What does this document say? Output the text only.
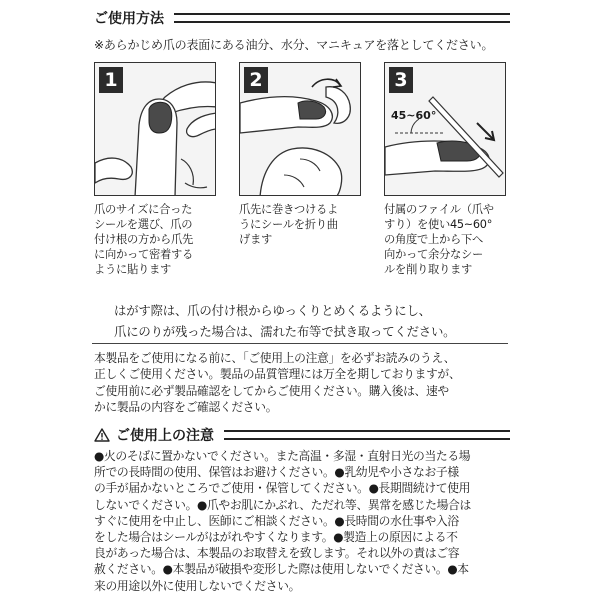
ご使用方法
※あらかじめ爪の表面にある油分、水分、マニキュアを落としてください。
1
爪のサイズに合った
シールを選び、爪の
付け根の方から爪先
に向かって密着する
ように貼ります
2
爪先に巻きつけるよ
うにシールを折り曲
げます
3
45~60°
付属のファイル（爪や
すり）を使い45~60°
の角度で上から下へ
向かって余分なシー
ルを削り取ります
はがす際は、爪の付け根からゆっくりとめくるようにし、
爪にのりが残った場合は、濡れた布等で拭き取ってください。
本製品をご使用になる前に、「ご使用上の注意」を必ずお読みのうえ、
正しくご使用ください。製品の品質管理には万全を期しておりますが、
ご使用前に必ず製品確認をしてからご使用ください。購入後は、速や
かに製品の内容をご確認ください。
ご使用上の注意
●火のそばに置かないでください。また高温・多湿・直射日光の当たる場
所での長時間の使用、保管はお避けください。●乳幼児や小さなお子様
の手が届かないところでご使用・保管してください。●長期間続けて使用
しないでください。●爪やお肌にかぶれ、ただれ等、異常を感じた場合は
すぐに使用を中止し、医師にご相談ください。●長時間の水仕事や入浴
をした場合はシールがはがれやすくなります。●製造上の原因による不
良があった場合は、本製品のお取替えを致します。それ以外の責はご容
赦ください。●本製品が破損や変形した際は使用しないでください。●本
来の用途以外に使用しないでください。
